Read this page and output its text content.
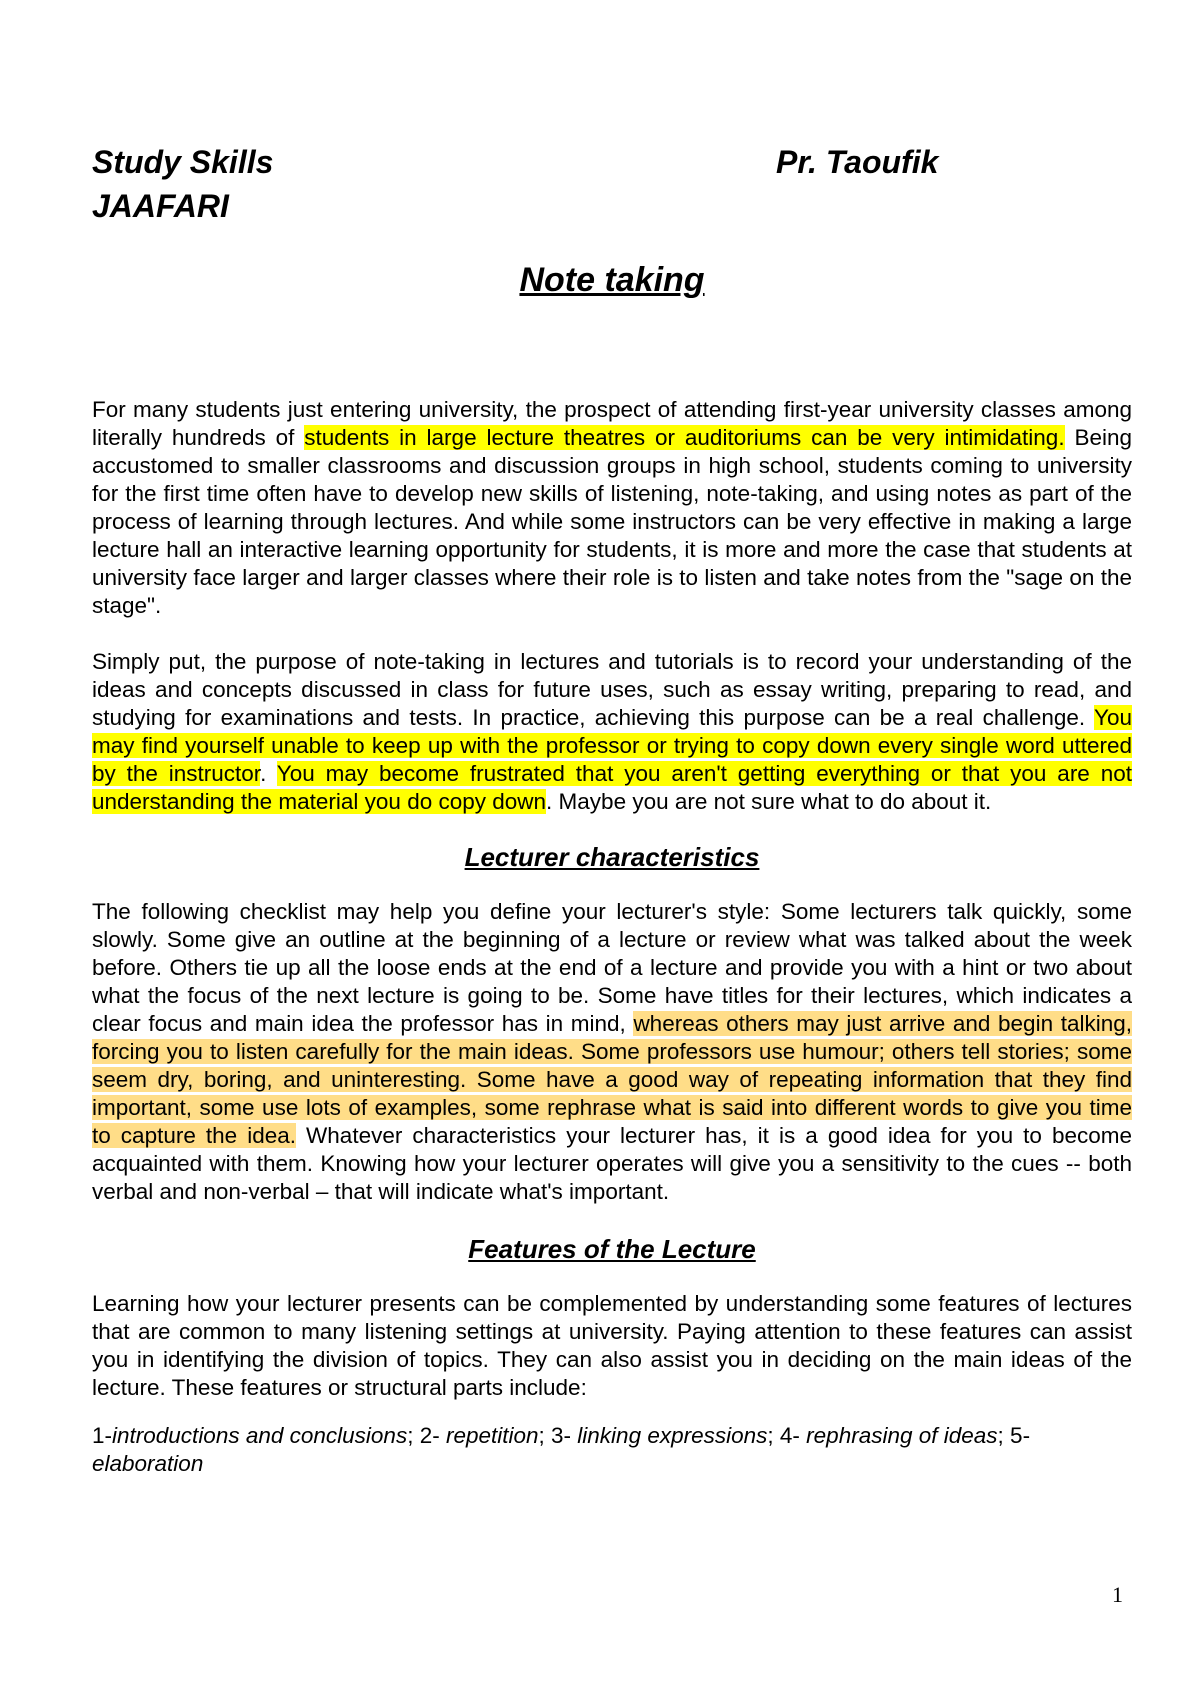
Study Skills	Pr. Taoufik
JAAFARI
Note taking

For many students just entering university, the prospect of attending first-year university classes among literally hundreds of students in large lecture theatres or auditoriums can be very intimidating. Being accustomed to smaller classrooms and discussion groups in high school, students coming to university for the first time often have to develop new skills of listening, note-taking, and using notes as part of the process of learning through lectures. And while some instructors can be very effective in making a large lecture hall an interactive learning opportunity for students, it is more and more the case that students at university face larger and larger classes where their role is to listen and take notes from the "sage on the stage".

Simply put, the purpose of note-taking in lectures and tutorials is to record your understanding of the ideas and concepts discussed in class for future uses, such as essay writing, preparing to read, and studying for examinations and tests. In practice, achieving this purpose can be a real challenge. You may find yourself unable to keep up with the professor or trying to copy down every single word uttered by the instructor. You may become frustrated that you aren't getting everything or that you are not understanding the material you do copy down. Maybe you are not sure what to do about it.

Lecturer characteristics

The following checklist may help you define your lecturer's style: Some lecturers talk quickly, some slowly. Some give an outline at the beginning of a lecture or review what was talked about the week before. Others tie up all the loose ends at the end of a lecture and provide you with a hint or two about what the focus of the next lecture is going to be. Some have titles for their lectures, which indicates a clear focus and main idea the professor has in mind, whereas others may just arrive and begin talking, forcing you to listen carefully for the main ideas. Some professors use humour; others tell stories; some seem dry, boring, and uninteresting. Some have a good way of repeating information that they find important, some use lots of examples, some rephrase what is said into different words to give you time to capture the idea. Whatever characteristics your lecturer has, it is a good idea for you to become acquainted with them. Knowing how your lecturer operates will give you a sensitivity to the cues -- both verbal and non-verbal – that will indicate what's important.

Features of the Lecture

Learning how your lecturer presents can be complemented by understanding some features of lectures that are common to many listening settings at university. Paying attention to these features can assist you in identifying the division of topics. They can also assist you in deciding on the main ideas of the lecture. These features or structural parts include:

1-introductions and conclusions; 2- repetition; 3- linking expressions; 4- rephrasing of ideas; 5- elaboration

1
